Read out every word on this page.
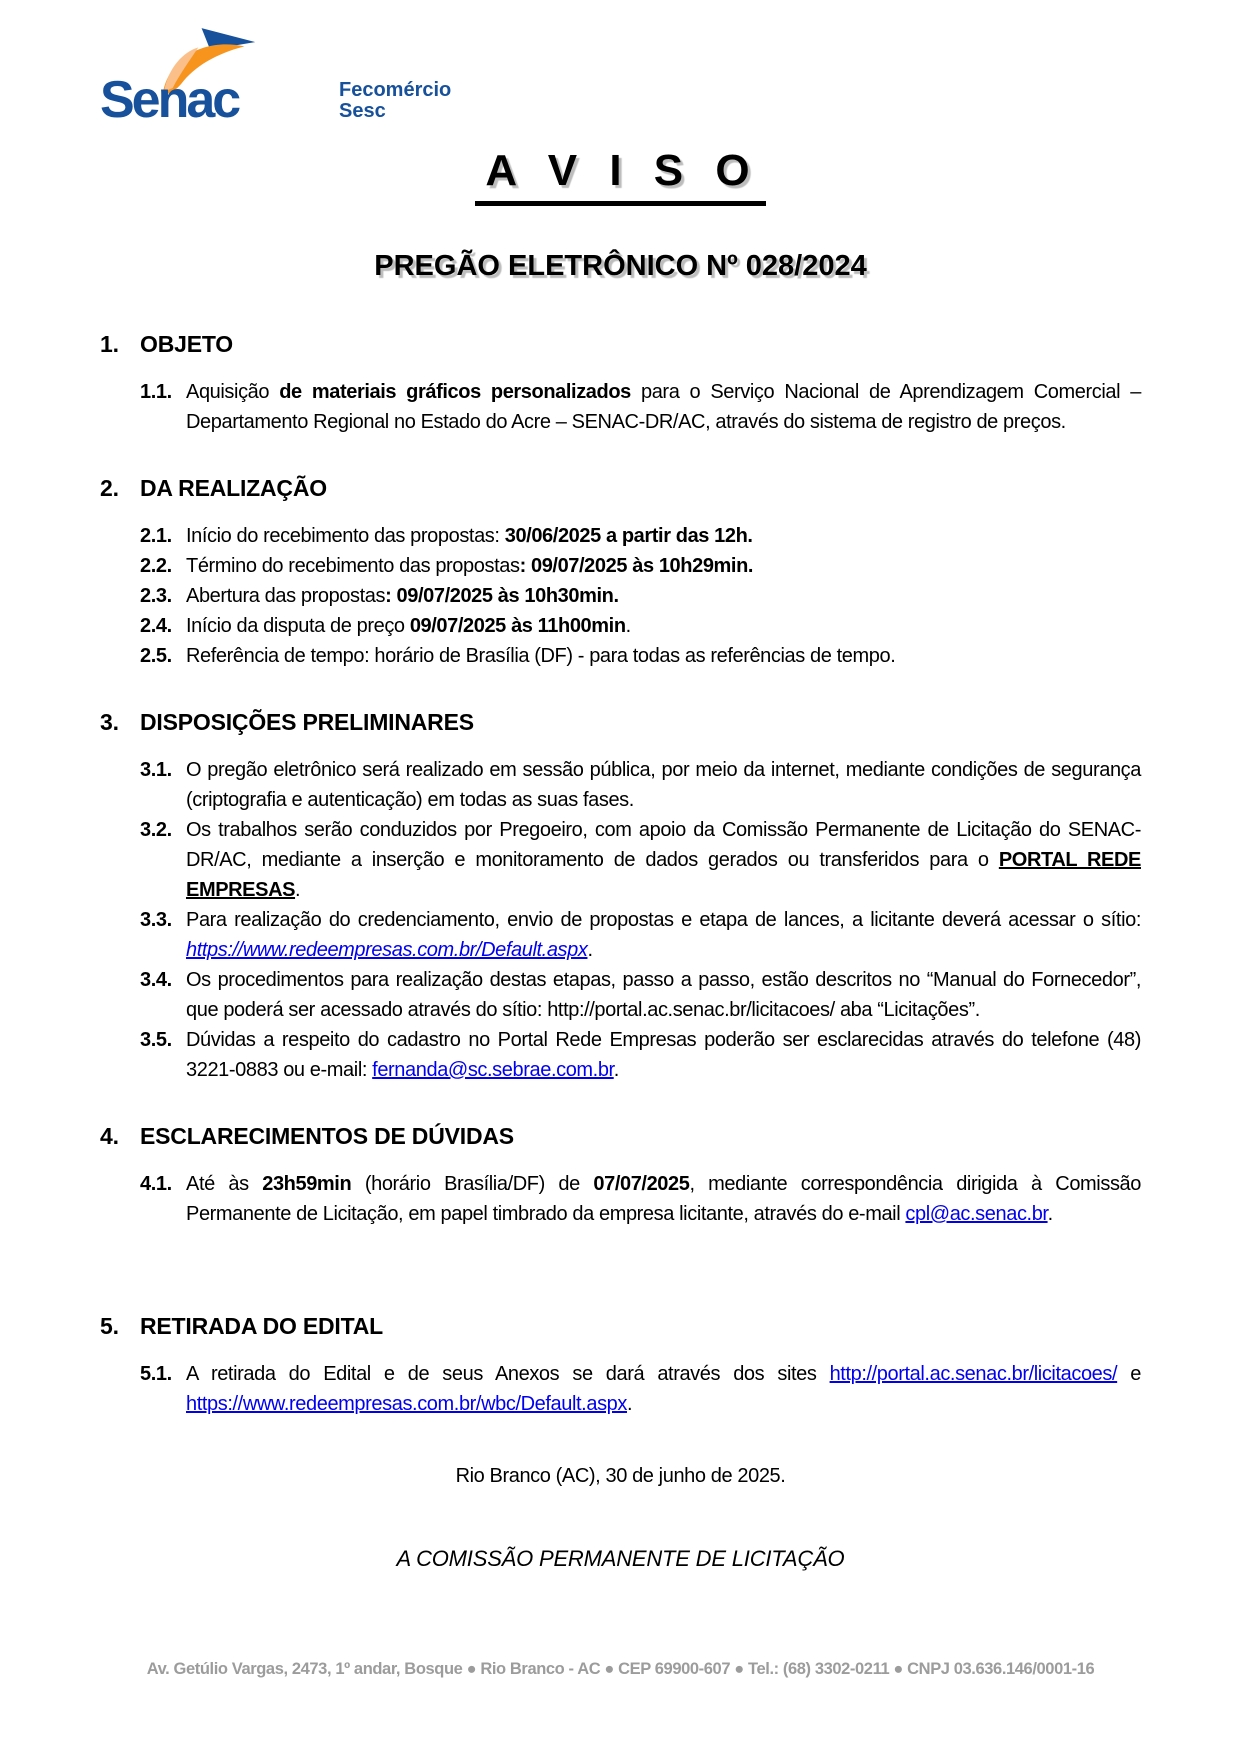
Senac	Fecomércio
Sesc
A V I S O
PREGÃO ELETRÔNICO Nº 028/2024
1. OBJETO
1.1. Aquisição de materiais gráficos personalizados para o Serviço Nacional de Aprendizagem Comercial – Departamento Regional no Estado do Acre – SENAC-DR/AC, através do sistema de registro de preços.
2. DA REALIZAÇÃO
2.1. Início do recebimento das propostas: 30/06/2025 a partir das 12h.
2.2. Término do recebimento das propostas: 09/07/2025 às 10h29min.
2.3. Abertura das propostas: 09/07/2025 às 10h30min.
2.4. Início da disputa de preço 09/07/2025 às 11h00min.
2.5. Referência de tempo: horário de Brasília (DF) - para todas as referências de tempo.
3. DISPOSIÇÕES PRELIMINARES
3.1. O pregão eletrônico será realizado em sessão pública, por meio da internet, mediante condições de segurança (criptografia e autenticação) em todas as suas fases.
3.2. Os trabalhos serão conduzidos por Pregoeiro, com apoio da Comissão Permanente de Licitação do SENAC-DR/AC, mediante a inserção e monitoramento de dados gerados ou transferidos para o PORTAL REDE EMPRESAS.
3.3. Para realização do credenciamento, envio de propostas e etapa de lances, a licitante deverá acessar o sítio: https://www.redeempresas.com.br/Default.aspx.
3.4. Os procedimentos para realização destas etapas, passo a passo, estão descritos no “Manual do Fornecedor”, que poderá ser acessado através do sítio: http://portal.ac.senac.br/licitacoes/ aba “Licitações”.
3.5. Dúvidas a respeito do cadastro no Portal Rede Empresas poderão ser esclarecidas através do telefone (48) 3221-0883 ou e-mail: fernanda@sc.sebrae.com.br.
4. ESCLARECIMENTOS DE DÚVIDAS
4.1. Até às 23h59min (horário Brasília/DF) de 07/07/2025, mediante correspondência dirigida à Comissão Permanente de Licitação, em papel timbrado da empresa licitante, através do e-mail cpl@ac.senac.br.
5. RETIRADA DO EDITAL
5.1. A retirada do Edital e de seus Anexos se dará através dos sites http://portal.ac.senac.br/licitacoes/ e https://www.redeempresas.com.br/wbc/Default.aspx.

Rio Branco (AC), 30 de junho de 2025.

A COMISSÃO PERMANENTE DE LICITAÇÃO

Av. Getúlio Vargas, 2473, 1º andar, Bosque ● Rio Branco - AC ● CEP 69900-607 ● Tel.: (68) 3302-0211 ● CNPJ 03.636.146/0001-16
